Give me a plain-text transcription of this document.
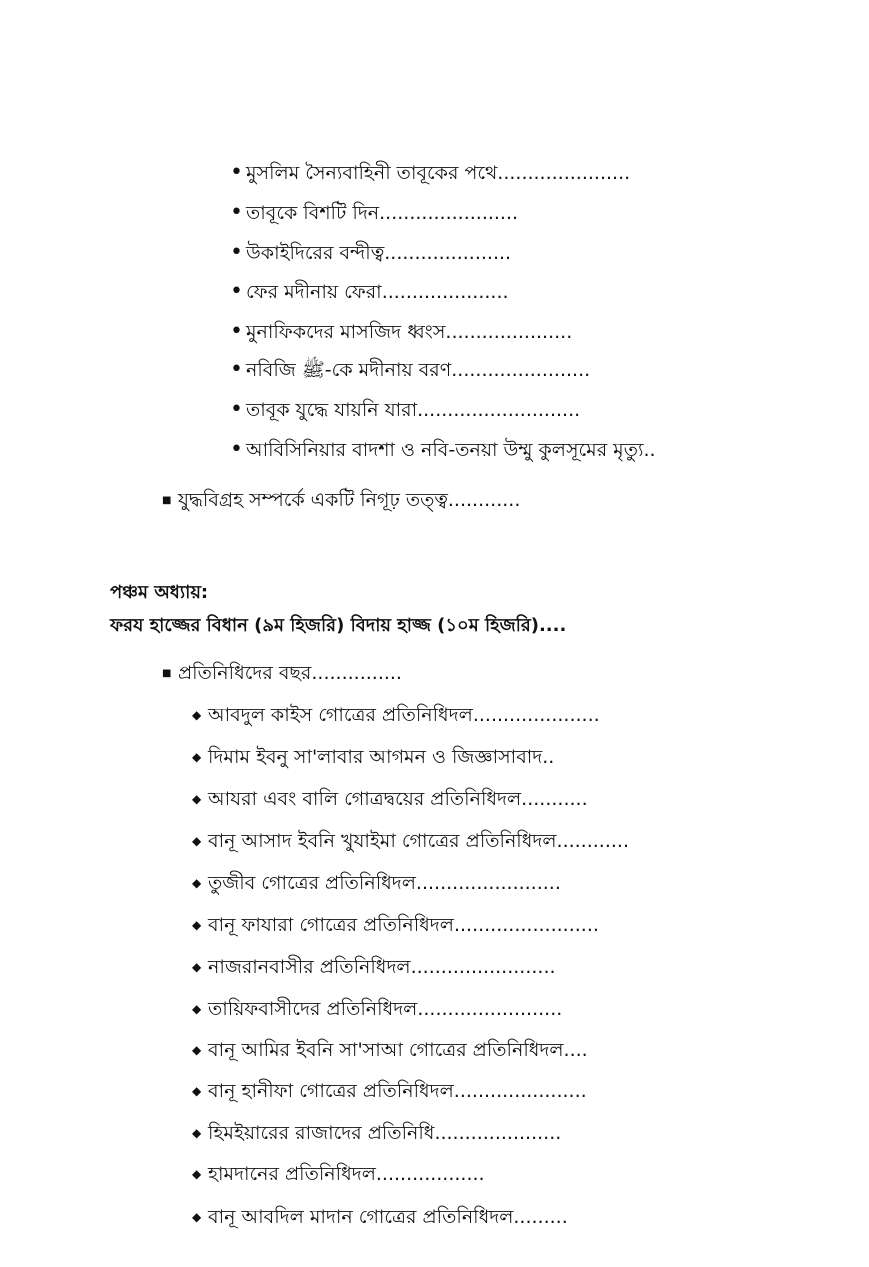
•মুসলিম সৈন্যবাহিনী তাবূকের পথে......................
•তাবূকে বিশটি দিন.......................
•উকাইদিরের বন্দীত্ব.....................
•ফের মদীনায় ফেরা.....................
•মুনাফিকদের মাসজিদ ধ্বংস.....................
•নবিজি ﷺ-কে মদীনায় বরণ.......................
•তাবূক যুদ্ধে যায়নি যারা...........................
•আবিসিনিয়ার বাদশা ও নবি-তনয়া উম্মু কুলসূমের মৃত্যু..
■যুদ্ধবিগ্রহ সম্পর্কে একটি নিগূঢ় তত্ত্ব............
পঞ্চম অধ্যায়:
ফরয হাজ্জের বিধান (৯ম হিজরি) বিদায় হাজ্জ (১০ম হিজরি)....
■প্রতিনিধিদের বছর...............
◆আবদুল কাইস গোত্রের প্রতিনিধিদল.....................
◆দিমাম ইবনু সা'লাবার আগমন ও জিজ্ঞাসাবাদ..
◆আযরা এবং বালি গোত্রদ্বয়ের প্রতিনিধিদল...........
◆বানূ আসাদ ইবনি খুযাইমা গোত্রের প্রতিনিধিদল............
◆তুজীব গোত্রের প্রতিনিধিদল........................
◆বানূ ফাযারা গোত্রের প্রতিনিধিদল........................
◆নাজরানবাসীর প্রতিনিধিদল........................
◆তায়িফবাসীদের প্রতিনিধিদল........................
◆বানূ আমির ইবনি সা'সাআ গোত্রের প্রতিনিধিদল....
◆বানূ হানীফা গোত্রের প্রতিনিধিদল......................
◆হিমইয়ারের রাজাদের প্রতিনিধি.....................
◆হামদানের প্রতিনিধিদল..................
◆বানূ আবদিল মাদান গোত্রের প্রতিনিধিদল.........
